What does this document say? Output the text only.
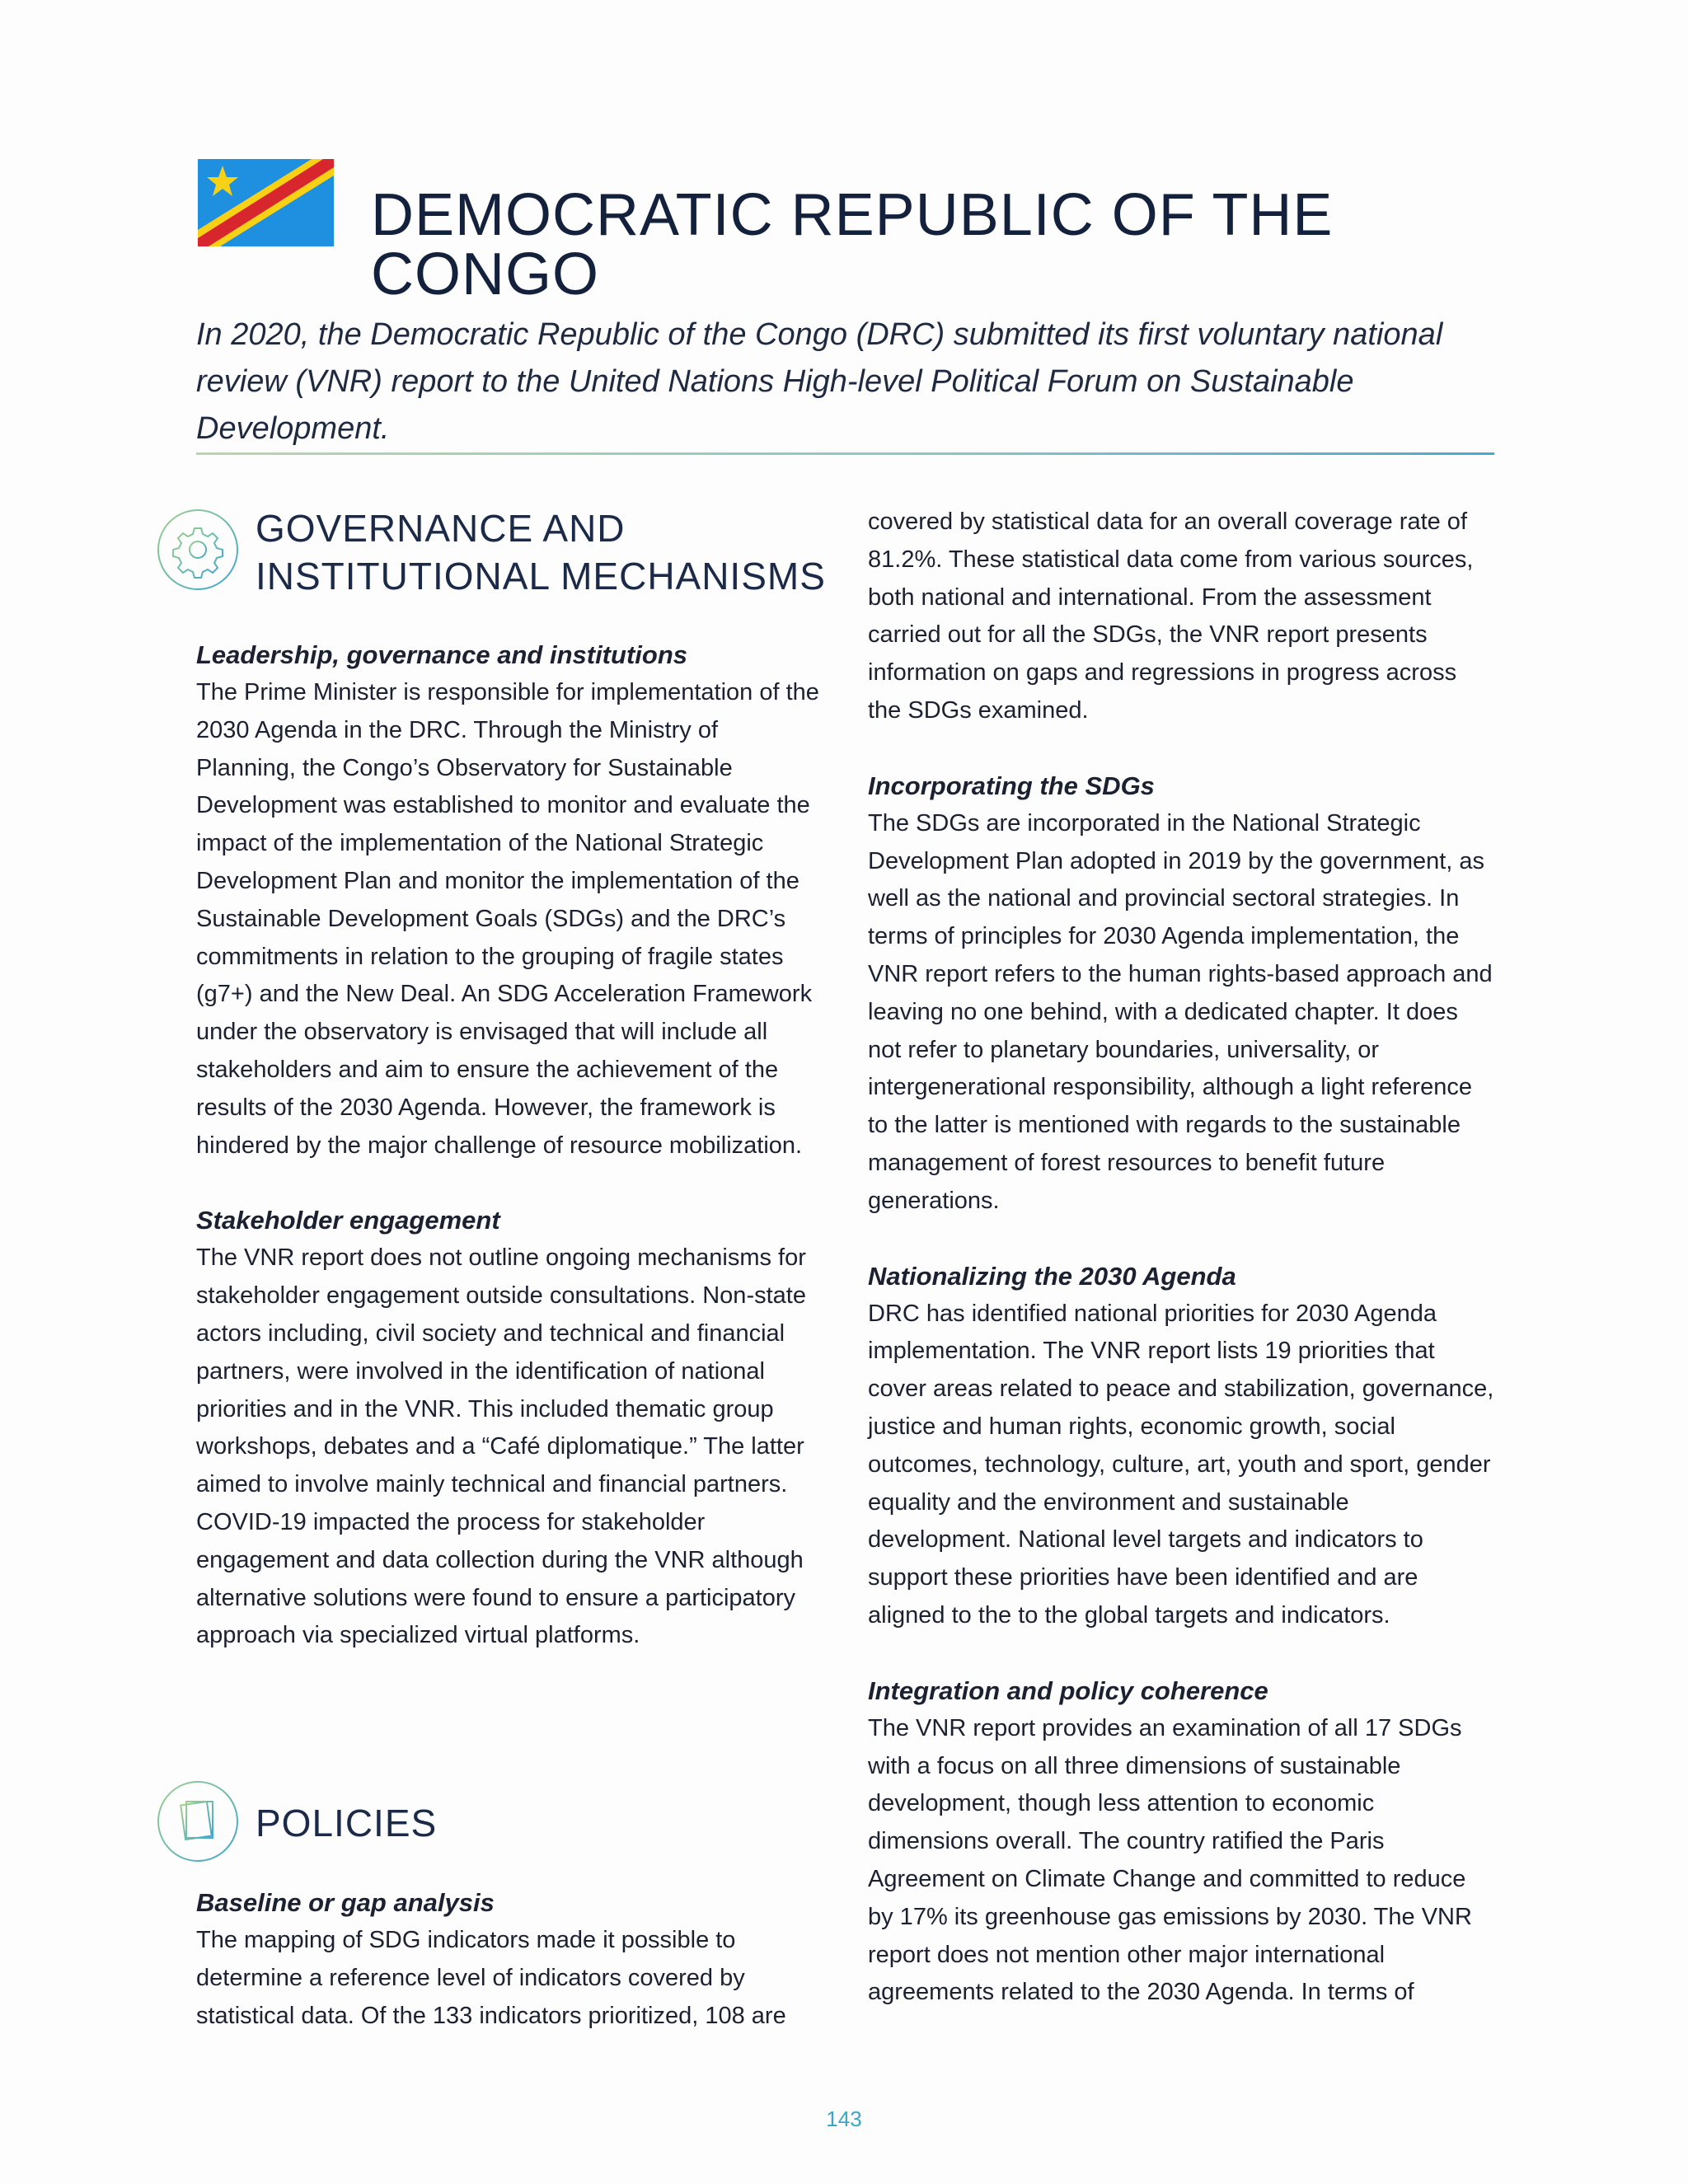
DEMOCRATIC REPUBLIC OF THE CONGO

In 2020, the Democratic Republic of the Congo (DRC) submitted its first voluntary national review (VNR) report to the United Nations High-level Political Forum on Sustainable Development.

GOVERNANCE AND
INSTITUTIONAL MECHANISMS

Leadership, governance and institutions

The Prime Minister is responsible for implementation of the 2030 Agenda in the DRC. Through the Ministry of Planning, the Congo’s Observatory for Sustainable Development was established to monitor and evaluate the impact of the implementation of the National Strategic Development Plan and monitor the implementation of the Sustainable Development Goals (SDGs) and the DRC’s commitments in relation to the grouping of fragile states (g7+) and the New Deal. An SDG Acceleration Framework under the observatory is envisaged that will include all stakeholders and aim to ensure the achievement of the results of the 2030 Agenda. However, the framework is hindered by the major challenge of resource mobilization.

Stakeholder engagement

The VNR report does not outline ongoing mechanisms for stakeholder engagement outside consultations. Non-state actors including, civil society and technical and financial partners, were involved in the identification of national priorities and in the VNR. This included thematic group workshops, debates and a “Café diplomatique.” The latter aimed to involve mainly technical and financial partners. COVID-19 impacted the process for stakeholder engagement and data collection during the VNR although alternative solutions were found to ensure a participatory approach via specialized virtual platforms.

POLICIES

Baseline or gap analysis

The mapping of SDG indicators made it possible to determine a reference level of indicators covered by statistical data. Of the 133 indicators prioritized, 108 are

covered by statistical data for an overall coverage rate of 81.2%. These statistical data come from various sources, both national and international. From the assessment carried out for all the SDGs, the VNR report presents information on gaps and regressions in progress across the SDGs examined.

Incorporating the SDGs

The SDGs are incorporated in the National Strategic Development Plan adopted in 2019 by the government, as well as the national and provincial sectoral strategies. In terms of principles for 2030 Agenda implementation, the VNR report refers to the human rights-based approach and leaving no one behind, with a dedicated chapter. It does not refer to planetary boundaries, universality, or intergenerational responsibility, although a light reference to the latter is mentioned with regards to the sustainable management of forest resources to benefit future generations.

Nationalizing the 2030 Agenda

DRC has identified national priorities for 2030 Agenda implementation. The VNR report lists 19 priorities that cover areas related to peace and stabilization, governance, justice and human rights, economic growth, social outcomes, technology, culture, art, youth and sport, gender equality and the environment and sustainable development. National level targets and indicators to support these priorities have been identified and are aligned to the to the global targets and indicators.

Integration and policy coherence

The VNR report provides an examination of all 17 SDGs with a focus on all three dimensions of sustainable development, though less attention to economic dimensions overall. The country ratified the Paris Agreement on Climate Change and committed to reduce by 17% its greenhouse gas emissions by 2030. The VNR report does not mention other major international agreements related to the 2030 Agenda. In terms of

143
